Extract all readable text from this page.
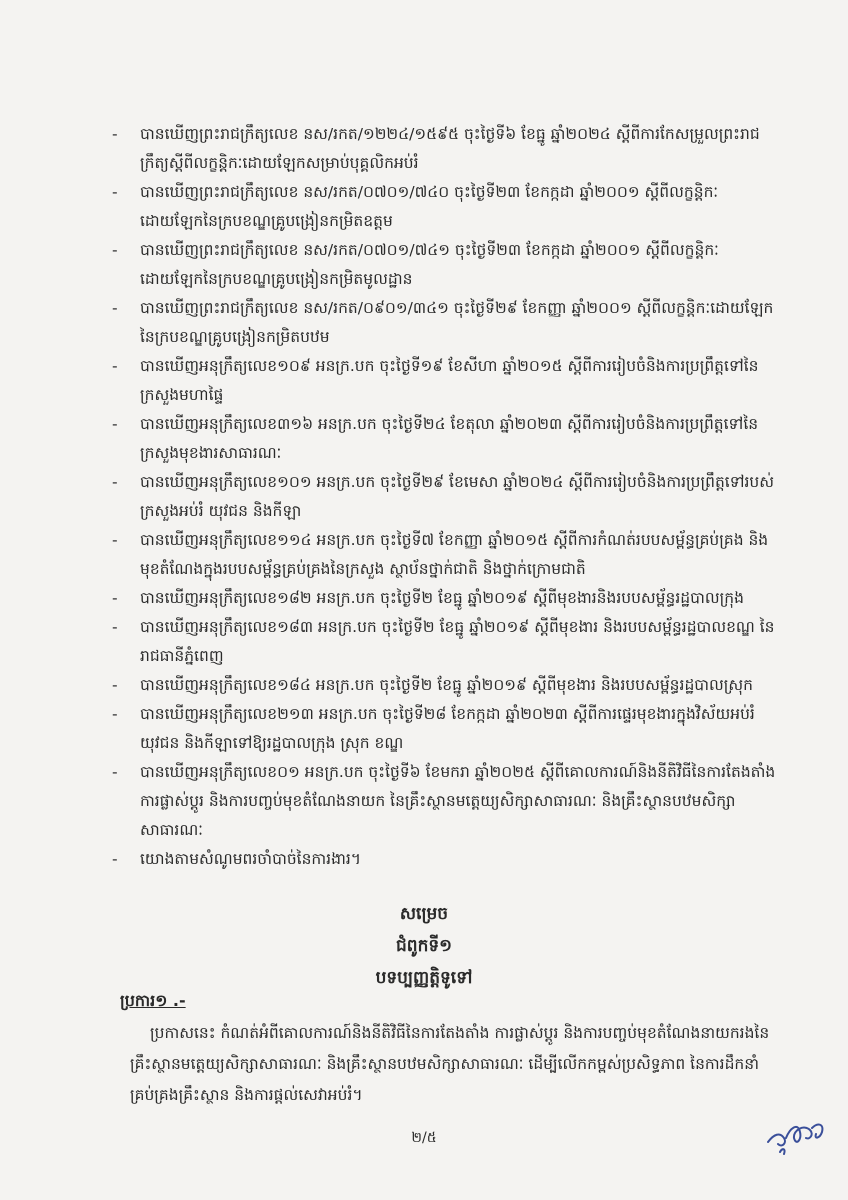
- បានឃើញព្រះរាជក្រឹត្យលេខ នស/រកត/១២២៤/១៥៩៥ ចុះថ្ងៃទី៦ ខែធ្នូ ឆ្នាំ២០២៤ ស្តីពីការកែសម្រួលព្រះរាជក្រឹត្យស្តីពីលក្ខន្តិកៈដោយឡែកសម្រាប់បុគ្គលិកអប់រំ
- បានឃើញព្រះរាជក្រឹត្យលេខ នស/រកត/០៧០១/៧៤០ ចុះថ្ងៃទី២៣ ខែកក្កដា ឆ្នាំ២០០១ ស្តីពីលក្ខន្តិកៈដោយឡែកនៃក្របខណ្ឌគ្រូបង្រៀនកម្រិតឧត្តម
- បានឃើញព្រះរាជក្រឹត្យលេខ នស/រកត/០៧០១/៧៤១ ចុះថ្ងៃទី២៣ ខែកក្កដា ឆ្នាំ២០០១ ស្តីពីលក្ខន្តិកៈដោយឡែកនៃក្របខណ្ឌគ្រូបង្រៀនកម្រិតមូលដ្ឋាន
- បានឃើញព្រះរាជក្រឹត្យលេខ នស/រកត/០៩០១/៣៤១ ចុះថ្ងៃទី២៩ ខែកញ្ញា ឆ្នាំ២០០១ ស្តីពីលក្ខន្តិកៈដោយឡែកនៃក្របខណ្ឌគ្រូបង្រៀនកម្រិតបឋម
- បានឃើញអនុក្រឹត្យលេខ១០៩ អនក្រ.បក ចុះថ្ងៃទី១៩ ខែសីហា ឆ្នាំ២០១៥ ស្តីពីការរៀបចំនិងការប្រព្រឹត្តទៅនៃក្រសួងមហាផ្ទៃ
- បានឃើញអនុក្រឹត្យលេខ៣១៦ អនក្រ.បក ចុះថ្ងៃទី២៤ ខែតុលា ឆ្នាំ២០២៣ ស្តីពីការរៀបចំនិងការប្រព្រឹត្តទៅនៃក្រសួងមុខងារសាធារណៈ
- បានឃើញអនុក្រឹត្យលេខ១០១ អនក្រ.បក ចុះថ្ងៃទី២៩ ខែមេសា ឆ្នាំ២០២៤ ស្តីពីការរៀបចំនិងការប្រព្រឹត្តទៅរបស់ក្រសួងអប់រំ យុវជន និងកីឡា
- បានឃើញអនុក្រឹត្យលេខ១១៤ អនក្រ.បក ចុះថ្ងៃទី៧ ខែកញ្ញា ឆ្នាំ២០១៥ ស្តីពីការកំណត់របបសម្ព័ន្ធគ្រប់គ្រង និងមុខតំណែងក្នុងរបបសម្ព័ន្ធគ្រប់គ្រងនៃក្រសួង ស្ថាប័នថ្នាក់ជាតិ និងថ្នាក់ក្រោមជាតិ
- បានឃើញអនុក្រឹត្យលេខ១៨២ អនក្រ.បក ចុះថ្ងៃទី២ ខែធ្នូ ឆ្នាំ២០១៩ ស្តីពីមុខងារនិងរបបសម្ព័ន្ធរដ្ឋបាលក្រុង
- បានឃើញអនុក្រឹត្យលេខ១៨៣ អនក្រ.បក ចុះថ្ងៃទី២ ខែធ្នូ ឆ្នាំ២០១៩ ស្តីពីមុខងារ និងរបបសម្ព័ន្ធរដ្ឋបាលខណ្ឌ នៃរាជធានីភ្នំពេញ
- បានឃើញអនុក្រឹត្យលេខ១៨៤ អនក្រ.បក ចុះថ្ងៃទី២ ខែធ្នូ ឆ្នាំ២០១៩ ស្តីពីមុខងារ និងរបបសម្ព័ន្ធរដ្ឋបាលស្រុក
- បានឃើញអនុក្រឹត្យលេខ២១៣ អនក្រ.បក ចុះថ្ងៃទី២៨ ខែកក្កដា ឆ្នាំ២០២៣ ស្តីពីការផ្ទេរមុខងារក្នុងវិស័យអប់រំ យុវជន និងកីឡាទៅឱ្យរដ្ឋបាលក្រុង ស្រុក ខណ្ឌ
- បានឃើញអនុក្រឹត្យលេខ០១ អនក្រ.បក ចុះថ្ងៃទី៦ ខែមករា ឆ្នាំ២០២៥ ស្តីពីគោលការណ៍និងនីតិវិធីនៃការតែងតាំង ការផ្លាស់ប្តូរ និងការបញ្ចប់មុខតំណែងនាយក នៃគ្រឹះស្ថានមត្តេយ្យសិក្សាសាធារណៈ និងគ្រឹះស្ថានបឋមសិក្សាសាធារណៈ
- យោងតាមសំណូមពរចាំបាច់នៃការងារ។
សម្រេច
ជំពូកទី១
បទប្បញ្ញត្តិទូទៅ
ប្រការ១ .-

ប្រកាសនេះ កំណត់អំពីគោលការណ៍និងនីតិវិធីនៃការតែងតាំង ការផ្លាស់ប្តូរ និងការបញ្ចប់មុខតំណែងនាយករងនៃគ្រឹះស្ថានមត្តេយ្យសិក្សាសាធារណៈ និងគ្រឹះស្ថានបឋមសិក្សាសាធារណៈ ដើម្បីលើកកម្ពស់ប្រសិទ្ធភាព នៃការដឹកនាំ គ្រប់គ្រងគ្រឹះស្ថាន និងការផ្តល់សេវាអប់រំ។

២/៥
